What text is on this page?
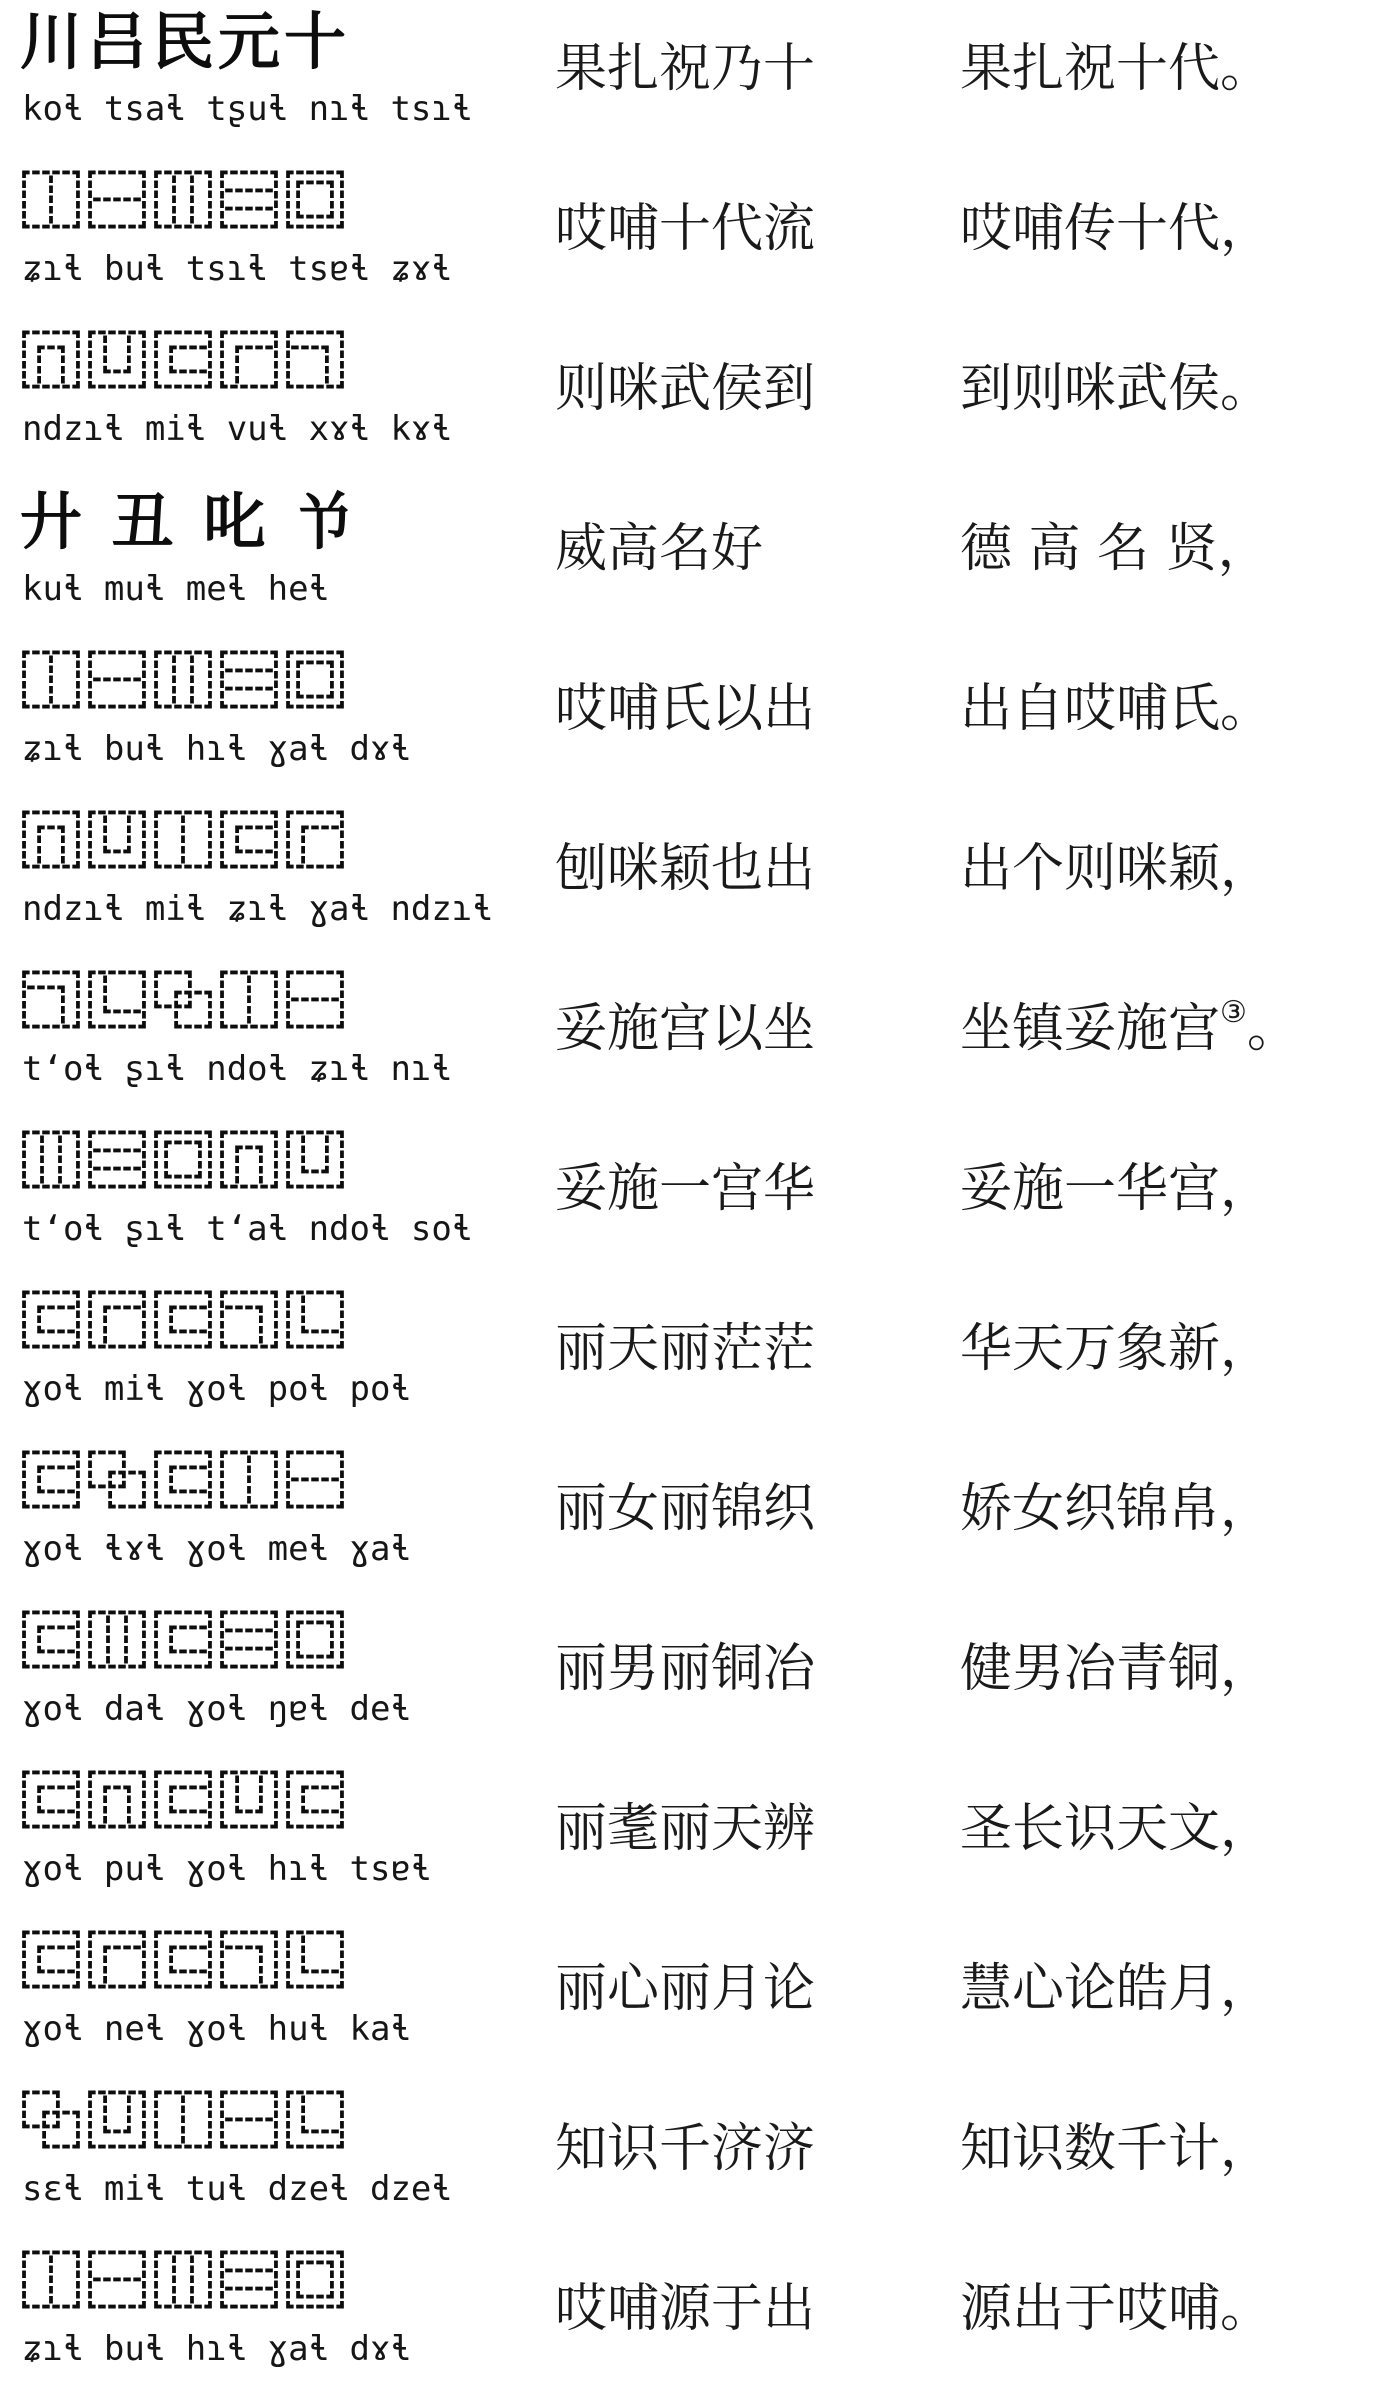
川吕民元十
koɬ tsaɬ tʂuɬ nɿɬ tsɿɬ
果扎祝乃十	果扎祝十代。
⿰⿱⿲⿳⿴
ʑɿɬ buɬ tsɿɬ tsɐɬ ʑɤɬ
哎哺十代流	哎哺传十代，
⿵⿶⿷⿸⿹
ndzɿɬ miɬ vuɬ xɤɬ kɤɬ
则咪武侯到	到则咪武侯。
廾 丑 叱 兯
kuɬ muɬ meɬ heɬ
威高名好	德 高 名 贤，
⿰⿱⿲⿳⿴
ʑɿɬ buɬ hɿɬ ɣaɬ dɤɬ
哎哺氏以出	出自哎哺氏。
⿵⿶⿰⿷⿸
ndzɿɬ miɬ ʑɿɬ ɣaɬ ndzɿɬ
刨咪颖也出	出个则咪颖，
⿹⿺⿻⿰⿱
tʻoɬ ʂɿɬ ndoɬ ʑɿɬ nɿɬ
妥施宫以坐	坐镇妥施宫③。
⿲⿳⿴⿵⿶
tʻoɬ ʂɿɬ tʻaɬ ndoɬ soɬ
妥施一宫华	妥施一华宫，
⿷⿸⿷⿹⿺
ɣoɬ miɬ ɣoɬ poɬ poɬ
丽天丽茫茫	华天万象新，
⿷⿻⿷⿰⿱
ɣoɬ ɬɤɬ ɣoɬ meɬ ɣaɬ
丽女丽锦织	娇女织锦帛，
⿷⿲⿷⿳⿴
ɣoɬ daɬ ɣoɬ ŋɐɬ deɬ
丽男丽铜冶	健男冶青铜，
⿷⿵⿷⿶⿷
ɣoɬ puɬ ɣoɬ hɿɬ tsɐɬ
丽耄丽天辨	圣长识天文，
⿷⿸⿷⿹⿺
ɣoɬ neɬ ɣoɬ huɬ kaɬ
丽心丽月论	慧心论皓月，
⿻⿶⿰⿱⿺
sɛɬ miɬ tuɬ dzeɬ dzeɬ
知识千济济	知识数千计，
⿰⿱⿲⿳⿴
ʑɿɬ buɬ hɿɬ ɣaɬ dɤɬ
哎哺源于出	源出于哎哺。
